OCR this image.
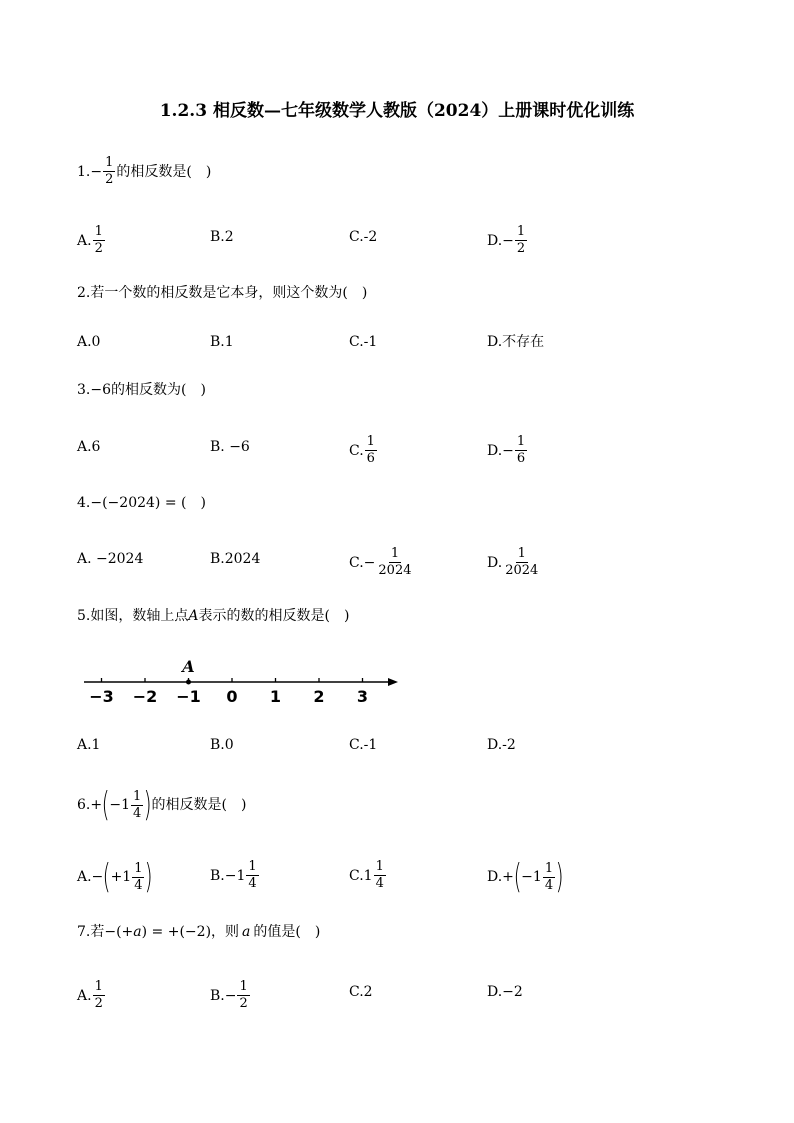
1.2.3 相反数—七年级数学人教版（2024）上册课时优化训练
$1.- \frac{1}{2}$ 的相反数是(　)
A. $\frac{1}{2}$	B.2	C.-2	$D.- \frac{1}{2}$
2.若一个数的相反数是它本身，则这个数为(　)
A.0	B.1	C.-1	D.不存在
3.−6的相反数为(　)
A.6	B. −6	C. $\frac{1}{6}$	$D.- \frac{1}{6}$
4.−(−2024) = (　)
A. −2024	B.2024	$C.- \frac{1}{2024}$	D. $\frac{1}{2024}$
5.如图，数轴上点 A 表示的数的相反数是(　)
−3 −2 −1 0 1 2 3
A
A.1	B.0	C.-1	D.-2
6.+ ( $-1 \frac{1}{4}$ ) 的相反数是(　)
A.− ( $+1 \frac{1}{4}$ )	$B.-1 \frac{1}{4}$	$C.1 \frac{1}{4}$	D.+ ( $-1 \frac{1}{4}$ )
7.若−(+ a ) = +(−2)，则 a 的值是(　)
A. $\frac{1}{2}$	$B.- \frac{1}{2}$	C.2	D.−2
